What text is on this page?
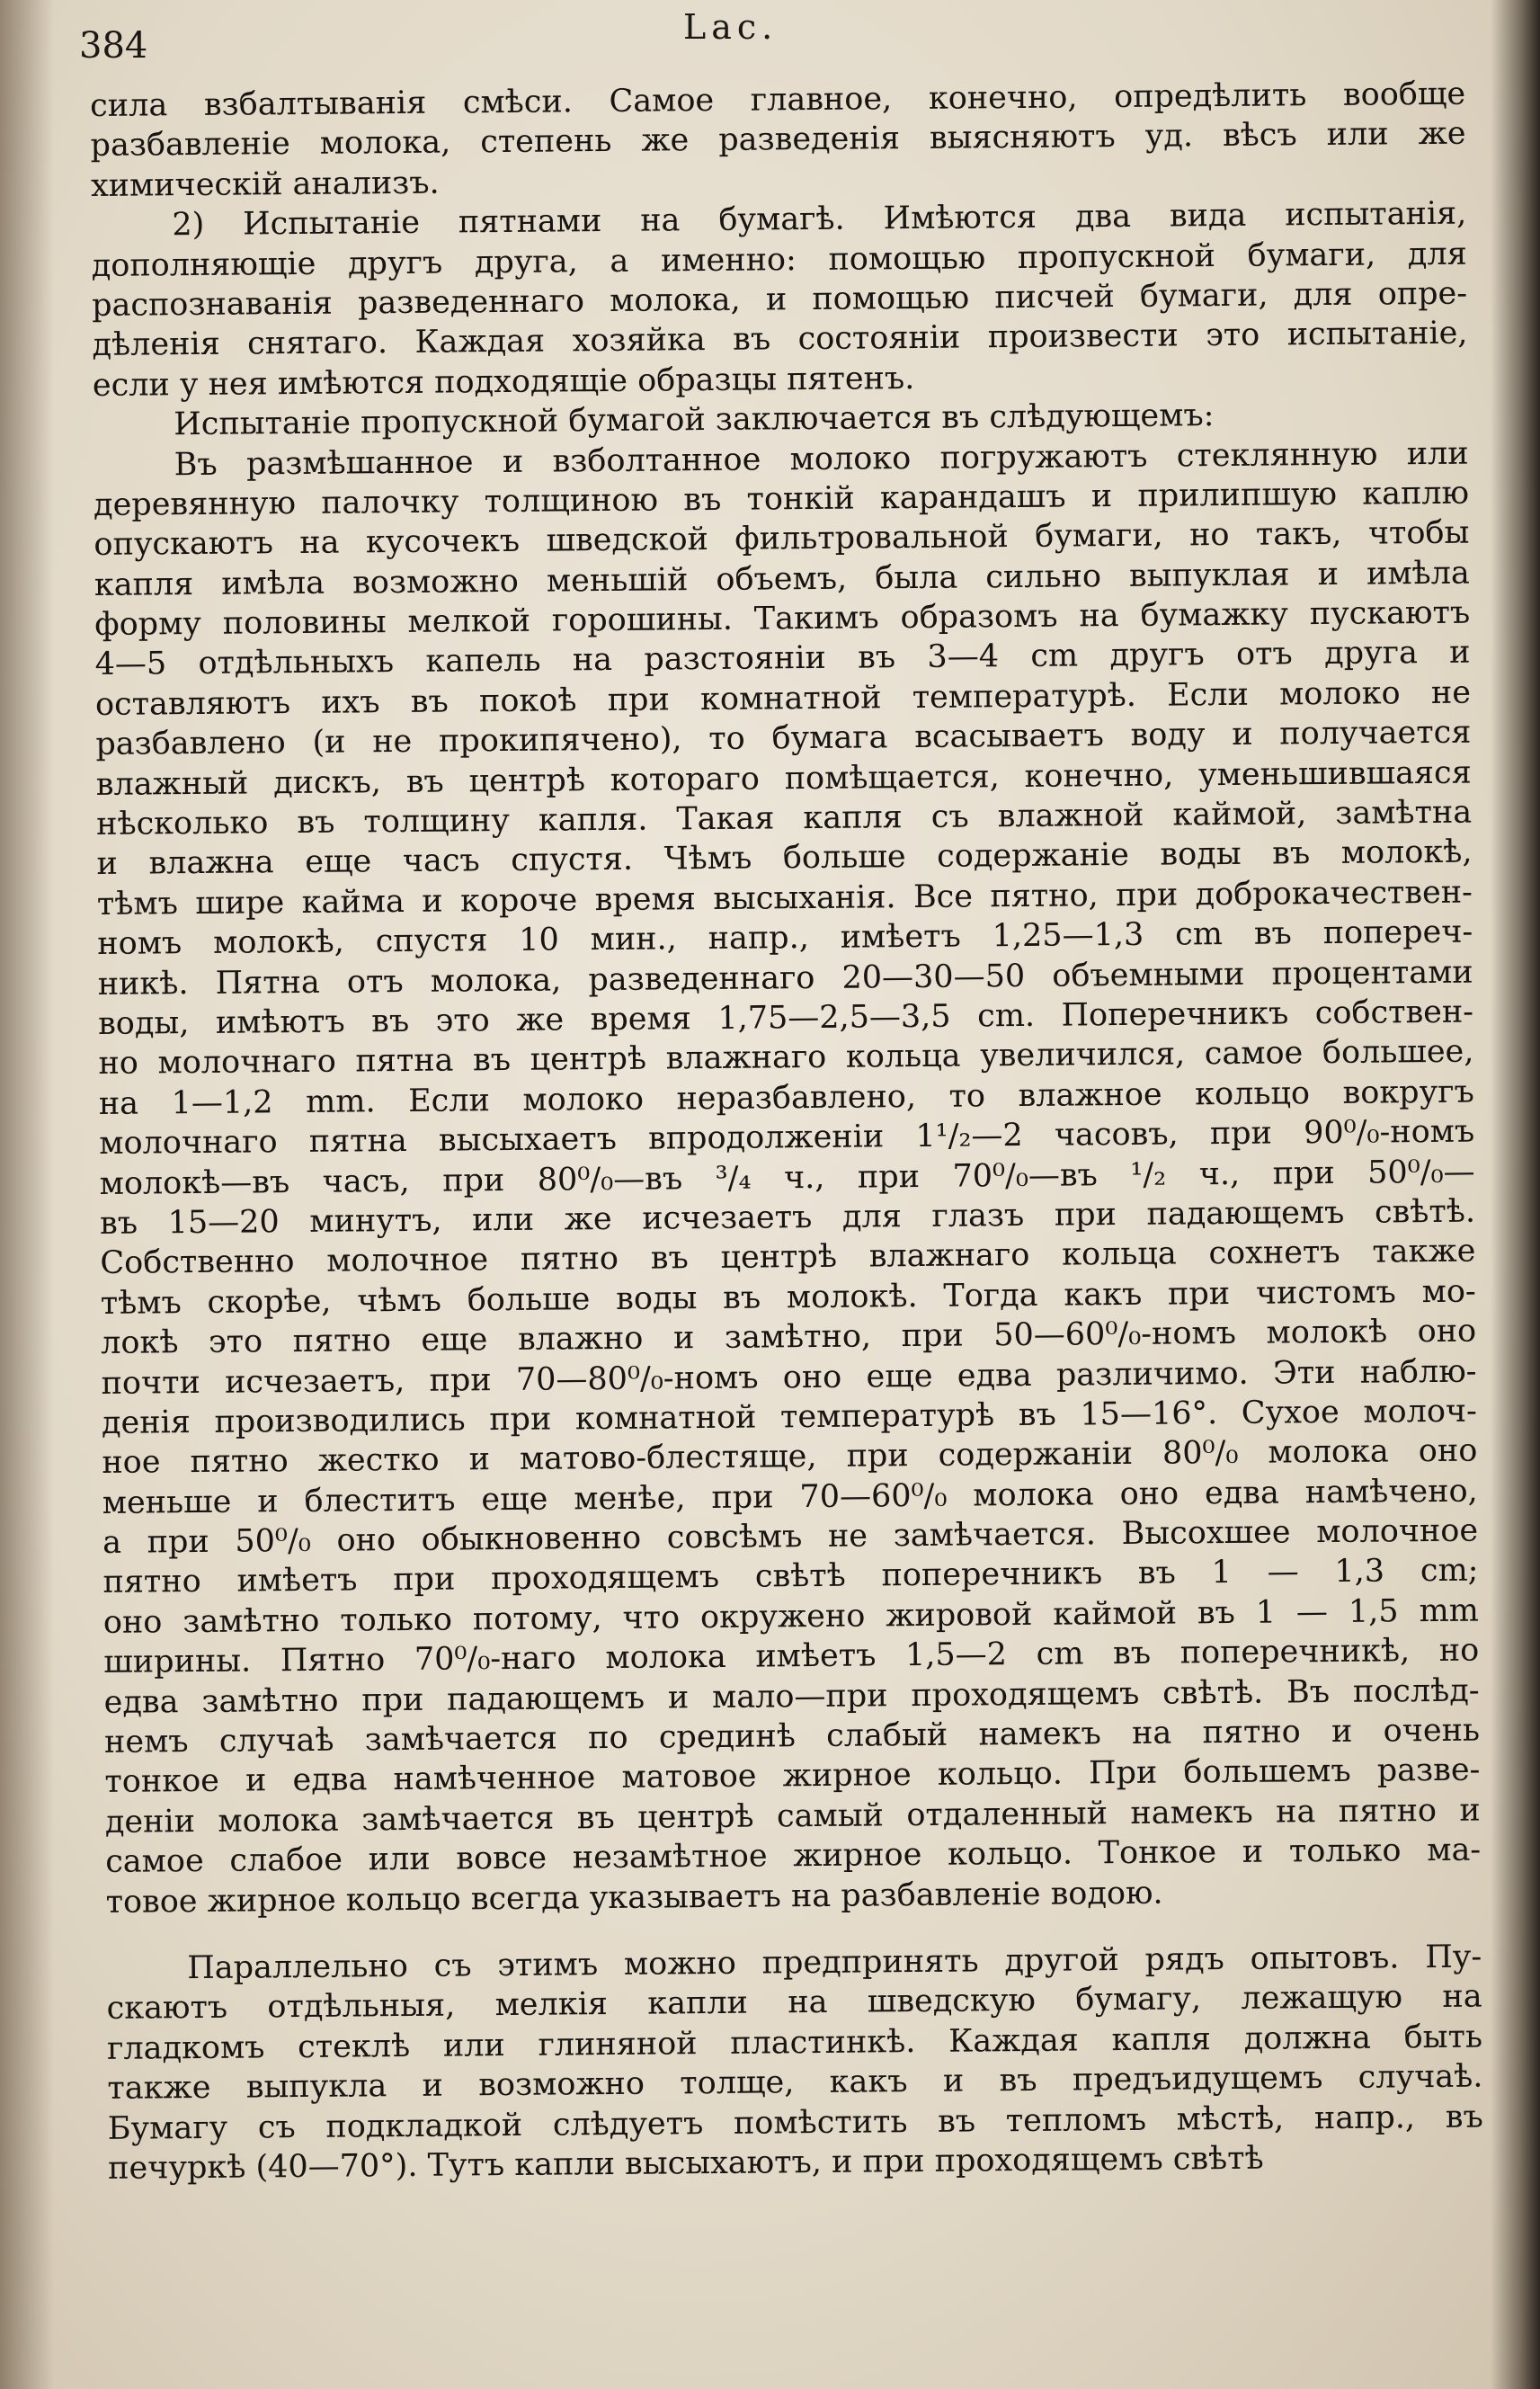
384	Lac.
сила взбалтыванія смѣси. Самое главное, конечно, опредѣлить вообще
разбавленіе молока, степень же разведенія выясняютъ уд. вѣсъ или же
химическій анализъ.
2) Испытаніе пятнами на бумагѣ. Имѣются два вида испытанія,
дополняющіе другъ друга, а именно: помощью пропускной бумаги, для
распознаванія разведеннаго молока, и помощью писчей бумаги, для опре-
дѣленія снятаго. Каждая хозяйка въ состояніи произвести это испытаніе,
если у нея имѣются подходящіе образцы пятенъ.
Испытаніе пропускной бумагой заключается въ слѣдующемъ:
Въ размѣшанное и взболтанное молоко погружаютъ стеклянную или
деревянную палочку толщиною въ тонкій карандашъ и прилипшую каплю
опускаютъ на кусочекъ шведской фильтровальной бумаги, но такъ, чтобы
капля имѣла возможно меньшій объемъ, была сильно выпуклая и имѣла
форму половины мелкой горошины. Такимъ образомъ на бумажку пускаютъ
4—5 отдѣльныхъ капель на разстояніи въ 3—4 cm другъ отъ друга и
оставляютъ ихъ въ покоѣ при комнатной температурѣ. Если молоко не
разбавлено (и не прокипячено), то бумага всасываетъ воду и получается
влажный дискъ, въ центрѣ котораго помѣщается, конечно, уменьшившаяся
нѣсколько въ толщину капля. Такая капля съ влажной каймой, замѣтна
и влажна еще часъ спустя. Чѣмъ больше содержаніе воды въ молокѣ,
тѣмъ шире кайма и короче время высыханія. Все пятно, при доброкачествен-
номъ молокѣ, спустя 10 мин., напр., имѣетъ 1,25—1,3 cm въ попереч-
никѣ. Пятна отъ молока, разведеннаго 20—30—50 объемными процентами
воды, имѣютъ въ это же время 1,75—2,5—3,5 cm. Поперечникъ собствен-
но молочнаго пятна въ центрѣ влажнаго кольца увеличился, самое большее,
на 1—1,2 mm. Если молоко неразбавлено, то влажное кольцо вокругъ
молочнаго пятна высыхаетъ впродолженіи 1¹/₂—2 часовъ, при 90⁰/₀-номъ
молокѣ—въ часъ, при 80⁰/₀—въ ³/₄ ч., при 70⁰/₀—въ ¹/₂ ч., при 50⁰/₀—
въ 15—20 минутъ, или же исчезаетъ для глазъ при падающемъ свѣтѣ.
Собственно молочное пятно въ центрѣ влажнаго кольца сохнетъ также
тѣмъ скорѣе, чѣмъ больше воды въ молокѣ. Тогда какъ при чистомъ мо-
локѣ это пятно еще влажно и замѣтно, при 50—60⁰/₀-номъ молокѣ оно
почти исчезаетъ, при 70—80⁰/₀-номъ оно еще едва различимо. Эти наблю-
денія производились при комнатной температурѣ въ 15—16°. Сухое молоч-
ное пятно жестко и матово-блестяще, при содержаніи 80⁰/₀ молока оно
меньше и блеститъ еще менѣе, при 70—60⁰/₀ молока оно едва намѣчено,
а при 50⁰/₀ оно обыкновенно совсѣмъ не замѣчается. Высохшее молочное
пятно имѣетъ при проходящемъ свѣтѣ поперечникъ въ 1 — 1,3 cm;
оно замѣтно только потому, что окружено жировой каймой въ 1 — 1,5 mm
ширины. Пятно 70⁰/₀-наго молока имѣетъ 1,5—2 cm въ поперечникѣ, но
едва замѣтно при падающемъ и мало—при проходящемъ свѣтѣ. Въ послѣд-
немъ случаѣ замѣчается по срединѣ слабый намекъ на пятно и очень
тонкое и едва намѣченное матовое жирное кольцо. При большемъ разве-
деніи молока замѣчается въ центрѣ самый отдаленный намекъ на пятно и
самое слабое или вовсе незамѣтное жирное кольцо. Тонкое и только ма-
товое жирное кольцо всегда указываетъ на разбавленіе водою.
Параллельно съ этимъ можно предпринять другой рядъ опытовъ. Пу-
скаютъ отдѣльныя, мелкія капли на шведскую бумагу, лежащую на
гладкомъ стеклѣ или глиняной пластинкѣ. Каждая капля должна быть
также выпукла и возможно толще, какъ и въ предъидущемъ случаѣ.
Бумагу съ подкладкой слѣдуетъ помѣстить въ тепломъ мѣстѣ, напр., въ
печуркѣ (40—70°). Тутъ капли высыхаютъ, и при проходящемъ свѣтѣ
